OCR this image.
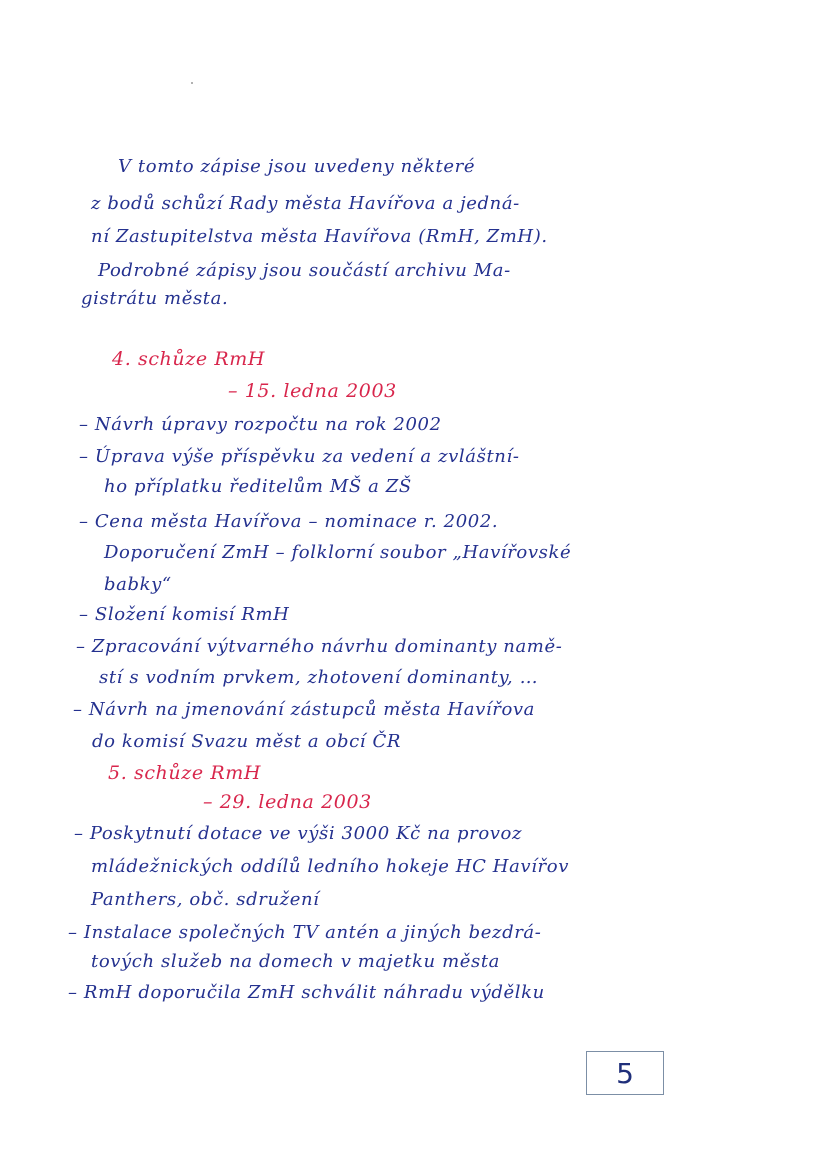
V tomto zápise jsou uvedeny některé
z bodů schůzí Rady města Havířova a jedná-
ní Zastupitelstva města Havířova (RmH, ZmH).
Podrobné zápisy jsou součástí archivu Ma-
gistrátu města.
4. schůze RmH
– 15. ledna 2003
– Návrh úpravy rozpočtu na rok 2002
– Úprava výše příspěvku za vedení a zvláštní-
ho příplatku ředitelům MŠ a ZŠ
– Cena města Havířova – nominace r. 2002.
Doporučení ZmH – folklorní soubor „Havířovské
babky“
– Složení komisí RmH
– Zpracování výtvarného návrhu dominanty namě-
stí s vodním prvkem, zhotovení dominanty, …
– Návrh na jmenování zástupců města Havířova
do komisí Svazu měst a obcí ČR
5. schůze RmH
– 29. ledna 2003
– Poskytnutí dotace ve výši 3000 Kč na provoz
mládežnických oddílů ledního hokeje HC Havířov
Panthers, obč. sdružení
– Instalace společných TV antén a jiných bezdrá-
tových služeb na domech v majetku města
– RmH doporučila ZmH schválit náhradu výdělku
5
